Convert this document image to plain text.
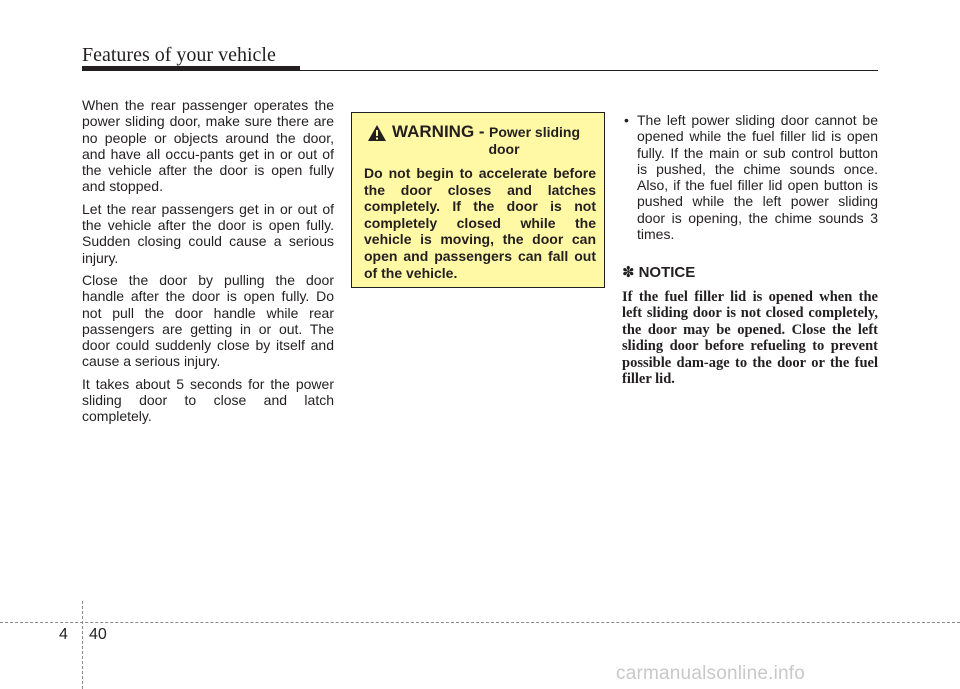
Features of your vehicle

When the rear passenger operates the power sliding door, make sure there are no people or objects around the door, and have all occu-pants get in or out of the vehicle after the door is open fully and stopped.

Let the rear passengers get in or out of the vehicle after the door is open fully. Sudden closing could cause a serious injury.

Close the door by pulling the door handle after the door is open fully. Do not pull the door handle while rear passengers are getting in or out. The door could suddenly close by itself and cause a serious injury.

It takes about 5 seconds for the power sliding door to close and latch completely.

WARNING - Power sliding
door
Do not begin to accelerate before the door closes and latches completely. If the door is not completely closed while the vehicle is moving, the door can open and passengers can fall out of the vehicle.
• The left power sliding door cannot be opened while the fuel filler lid is open fully. If the main or sub control button is pushed, the chime sounds once. Also, if the fuel filler lid open button is pushed while the left power sliding door is opening, the chime sounds 3 times.
✽ NOTICE
If the fuel filler lid is opened when the left sliding door is not closed completely, the door may be opened. Close the left sliding door before refueling to prevent possible dam-age to the door or the fuel filler lid.
4 40
carmanualsonline.info
